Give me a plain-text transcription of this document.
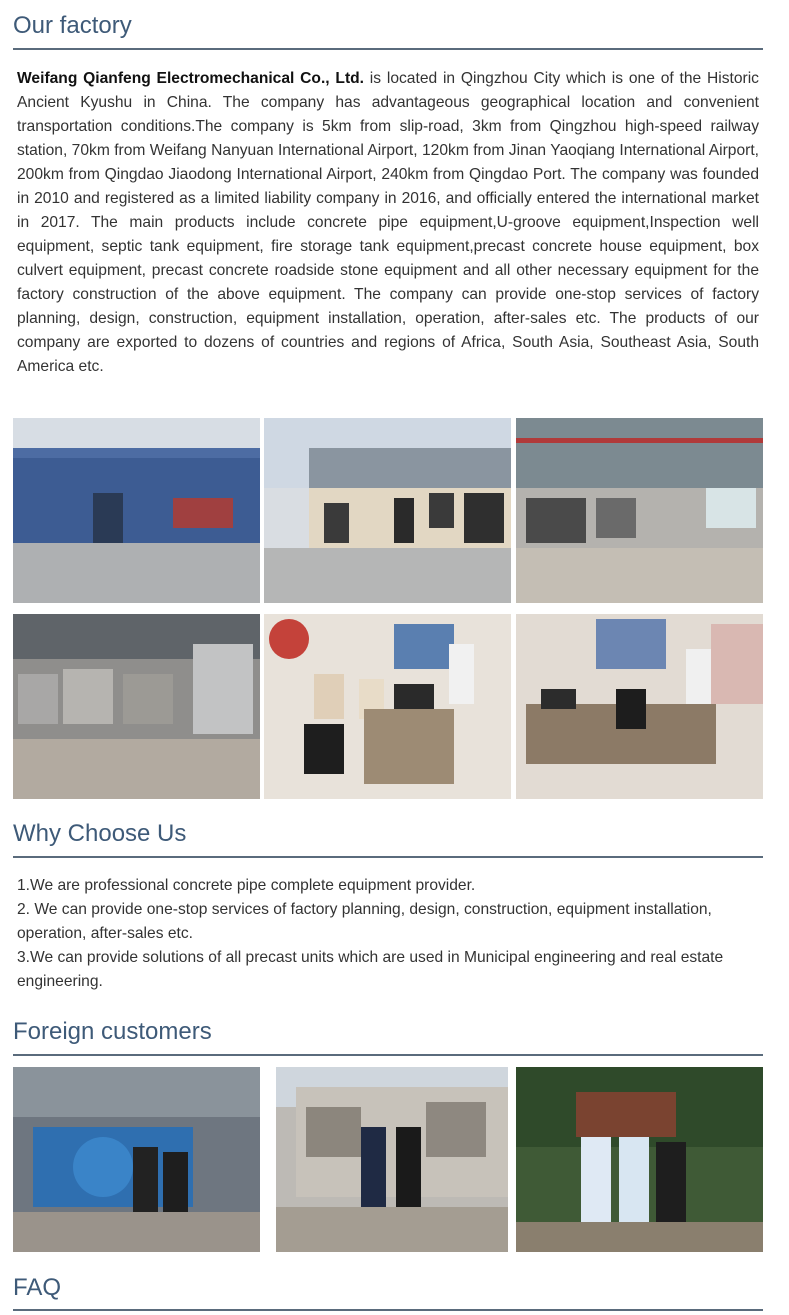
Our factory
Weifang Qianfeng Electromechanical Co., Ltd. is located in Qingzhou City which is one of the Historic Ancient Kyushu in China. The company has advantageous geographical location and convenient transportation conditions.The company is 5km from slip-road, 3km from Qingzhou high-speed railway station, 70km from Weifang Nanyuan International Airport, 120km from Jinan Yaoqiang International Airport, 200km from Qingdao Jiaodong International Airport, 240km from Qingdao Port. The company was founded in 2010 and registered as a limited liability company in 2016, and officially entered the international market in 2017. The main products include concrete pipe equipment,U-groove equipment,Inspection well equipment, septic tank equipment, fire storage tank equipment,precast concrete house equipment, box culvert equipment, precast concrete roadside stone equipment and all other necessary equipment for the factory construction of the above equipment. The company can provide one-stop services of factory planning, design, construction, equipment installation, operation, after-sales etc. The products of our company are exported to dozens of countries and regions of Africa, South Asia, Southeast Asia, South America etc.
Why Choose Us
1.We are professional concrete pipe complete equipment provider.
2. We can provide one-stop services of factory planning, design, construction, equipment installation, operation, after-sales etc.
3.We can provide solutions of all precast units which are used in Municipal engineering and real estate engineering.
Foreign customers
FAQ
